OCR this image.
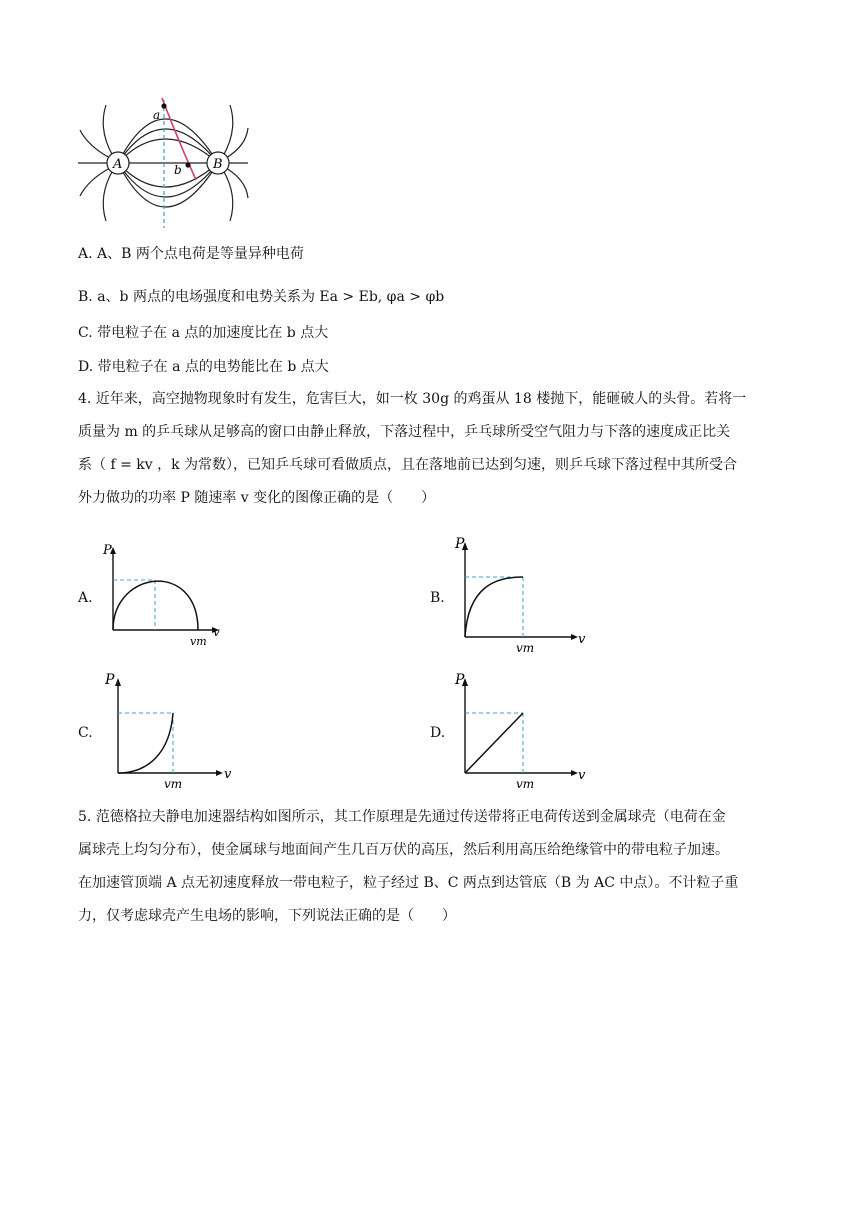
A	B
a
b
A. A、B 两个点电荷是等量异种电荷
B. a、b 两点的电场强度和电势关系为 Ea > Eb, φa > φb
C. 带电粒子在 a 点的加速度比在 b 点大
D. 带电粒子在 a 点的电势能比在 b 点大

4. 近年来，高空抛物现象时有发生，危害巨大，如一枚 30g 的鸡蛋从 18 楼抛下，能砸破人的头骨。若将一

质量为 m 的乒乓球从足够高的窗口由静止释放，下落过程中，乒乓球所受空气阻力与下落的速度成正比关

系（ f = kv ，k 为常数），已知乒乓球可看做质点，且在落地前已达到匀速，则乒乓球下落过程中其所受合

外力做功的功率 P 随速率 v 变化的图像正确的是（　　）

A.
P
v
vm
B.
P
v
vm
C.
P
v
vm
D.
P
v
vm

5. 范德格拉夫静电加速器结构如图所示，其工作原理是先通过传送带将正电荷传送到金属球壳（电荷在金

属球壳上均匀分布），使金属球与地面间产生几百万伏的高压，然后利用高压给绝缘管中的带电粒子加速。

在加速管顶端 A 点无初速度释放一带电粒子，粒子经过 B、C 两点到达管底（B 为 AC 中点）。不计粒子重

力，仅考虑球壳产生电场的影响，下列说法正确的是（　　）
